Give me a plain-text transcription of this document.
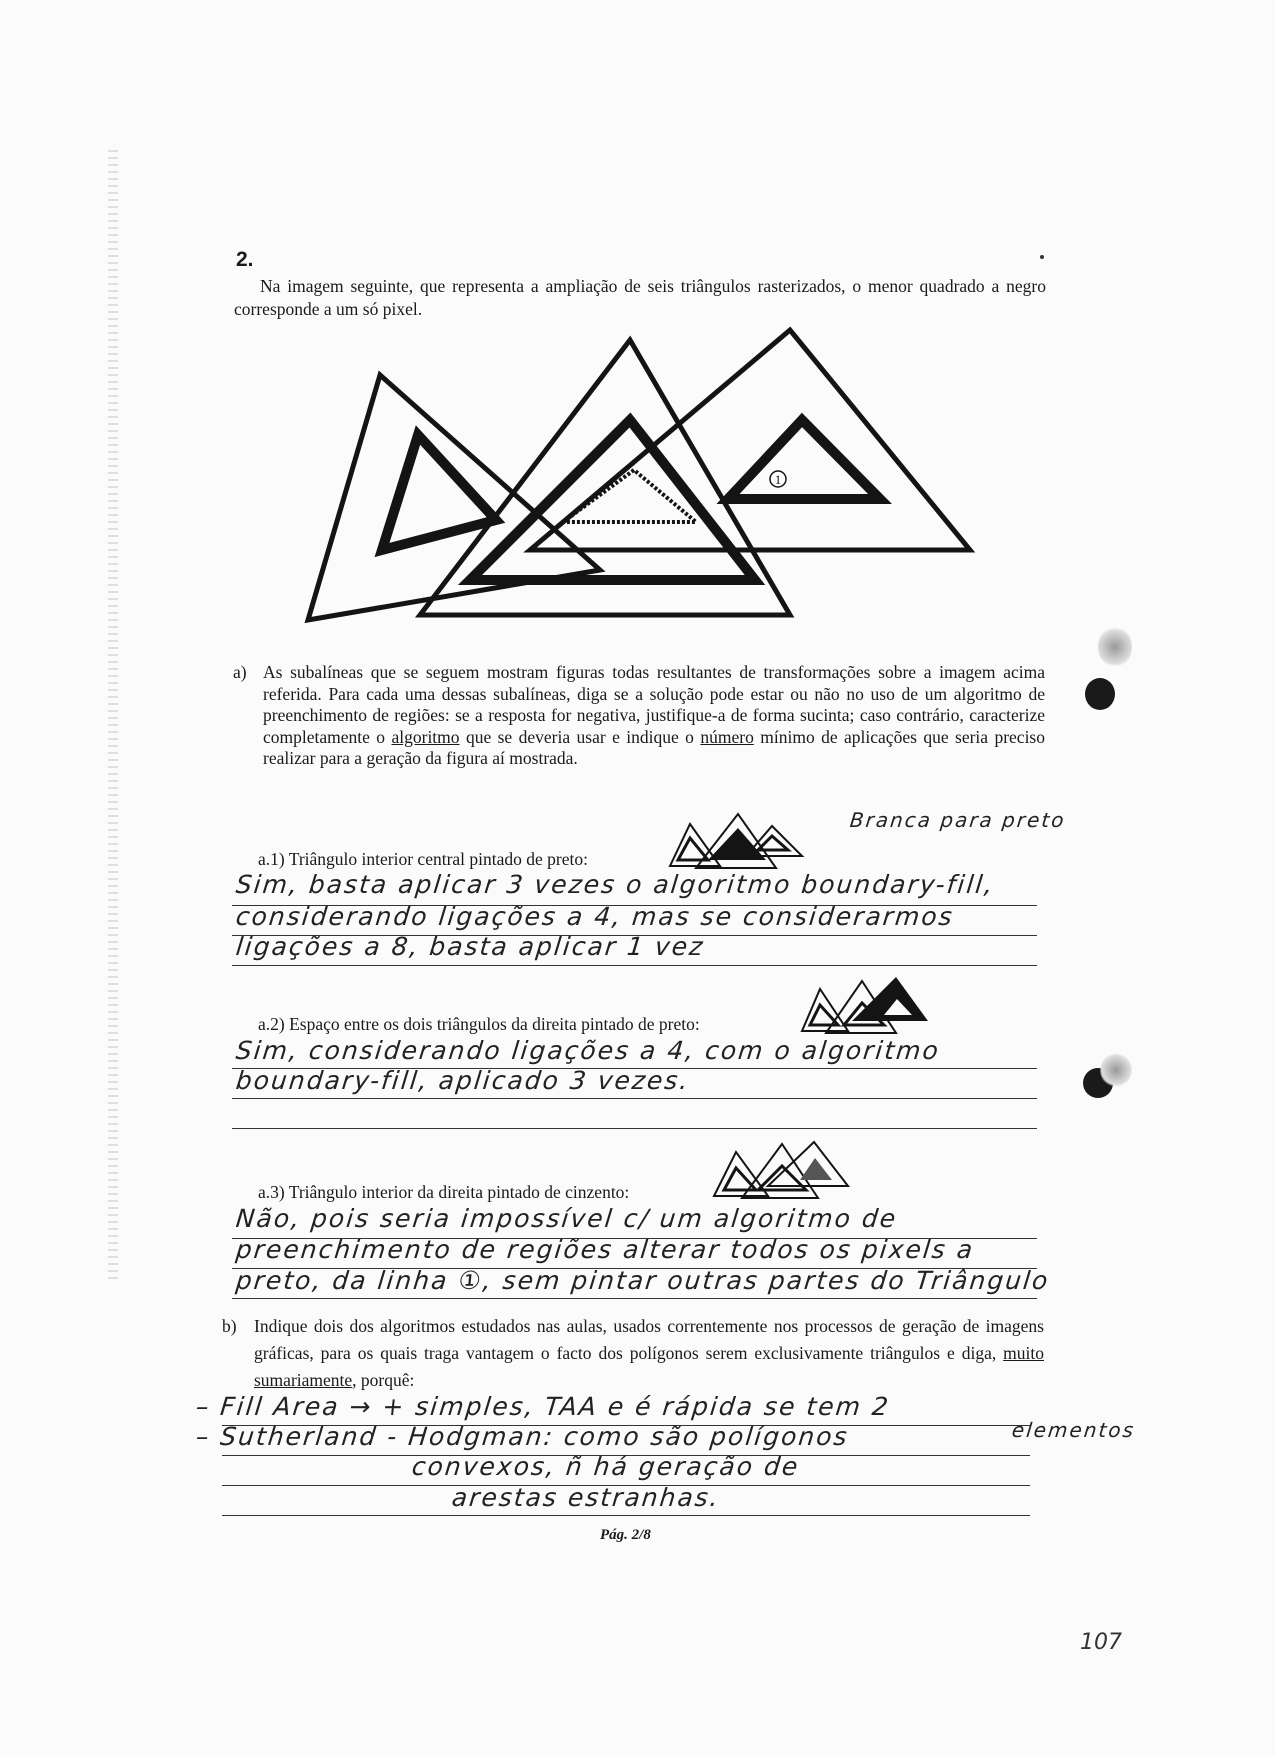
2.
Na imagem seguinte, que representa a ampliação de seis triângulos rasterizados, o menor quadrado a negro corresponde a um só pixel.
1
a) As subalíneas que se seguem mostram figuras todas resultantes de transformações sobre a imagem acima referida. Para cada uma dessas subalíneas, diga se a solução pode estar ou não no uso de um algoritmo de preenchimento de regiões: se a resposta for negativa, justifique-a de forma sucinta; caso contrário, caracterize completamente o algoritmo que se deveria usar e indique o número mínimo de aplicações que seria preciso realizar para a geração da figura aí mostrada.
Branca para preto
a.1) Triângulo interior central pintado de preto:
Sim, basta aplicar 3 vezes o algoritmo boundary-fill,
considerando ligações a 4, mas se considerarmos
ligações a 8, basta aplicar 1 vez
a.2) Espaço entre os dois triângulos da direita pintado de preto:
Sim, considerando ligações a 4, com o algoritmo
boundary-fill, aplicado 3 vezes.
a.3) Triângulo interior da direita pintado de cinzento:
Não, pois seria impossível c/ um algoritmo de
preenchimento de regiões alterar todos os pixels a
preto, da linha ①, sem pintar outras partes do Triângulo
b) Indique dois dos algoritmos estudados nas aulas, usados correntemente nos processos de geração de imagens gráficas, para os quais traga vantagem o facto dos polígonos serem exclusivamente triângulos e diga, muito sumariamente, porquê:
– Fill Area → + simples, TAA e é rápida se tem 2
elementos
– Sutherland - Hodgman: como são polígonos
convexos, ñ há geração de
arestas estranhas.
Pág. 2/8
107
